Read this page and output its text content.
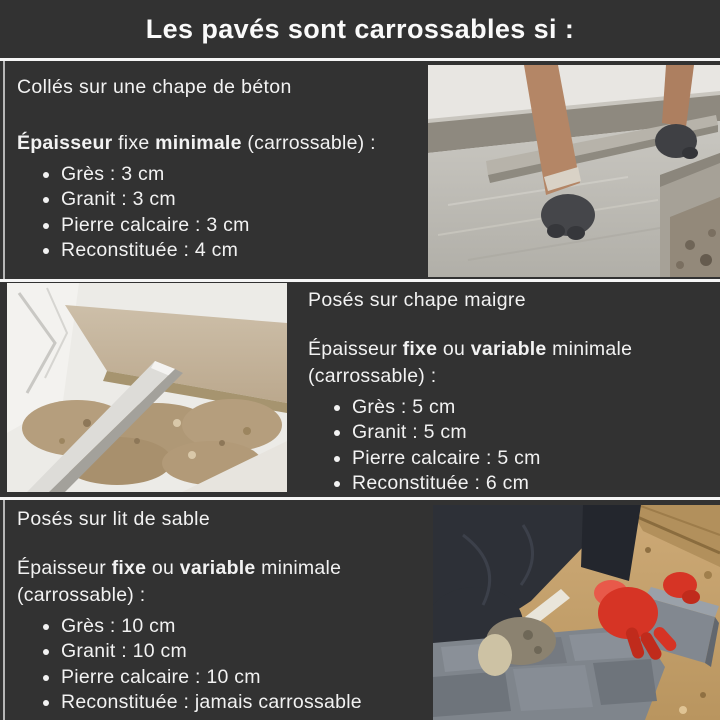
Les pavés sont carrossables si :

Collés sur une chape de béton

Épaisseur fixe minimale (carrossable) :

• Grès : 3 cm
• Granit : 3 cm
• Pierre calcaire : 3 cm
• Reconstituée : 4 cm

Posés sur chape maigre

Épaisseur fixe ou variable minimale (carrossable) :

• Grès : 5 cm
• Granit : 5 cm
• Pierre calcaire : 5 cm
• Reconstituée : 6 cm

Posés sur lit de sable

Épaisseur fixe ou variable minimale (carrossable) :

• Grès : 10 cm
• Granit : 10 cm
• Pierre calcaire : 10 cm
• Reconstituée : jamais carrossable
